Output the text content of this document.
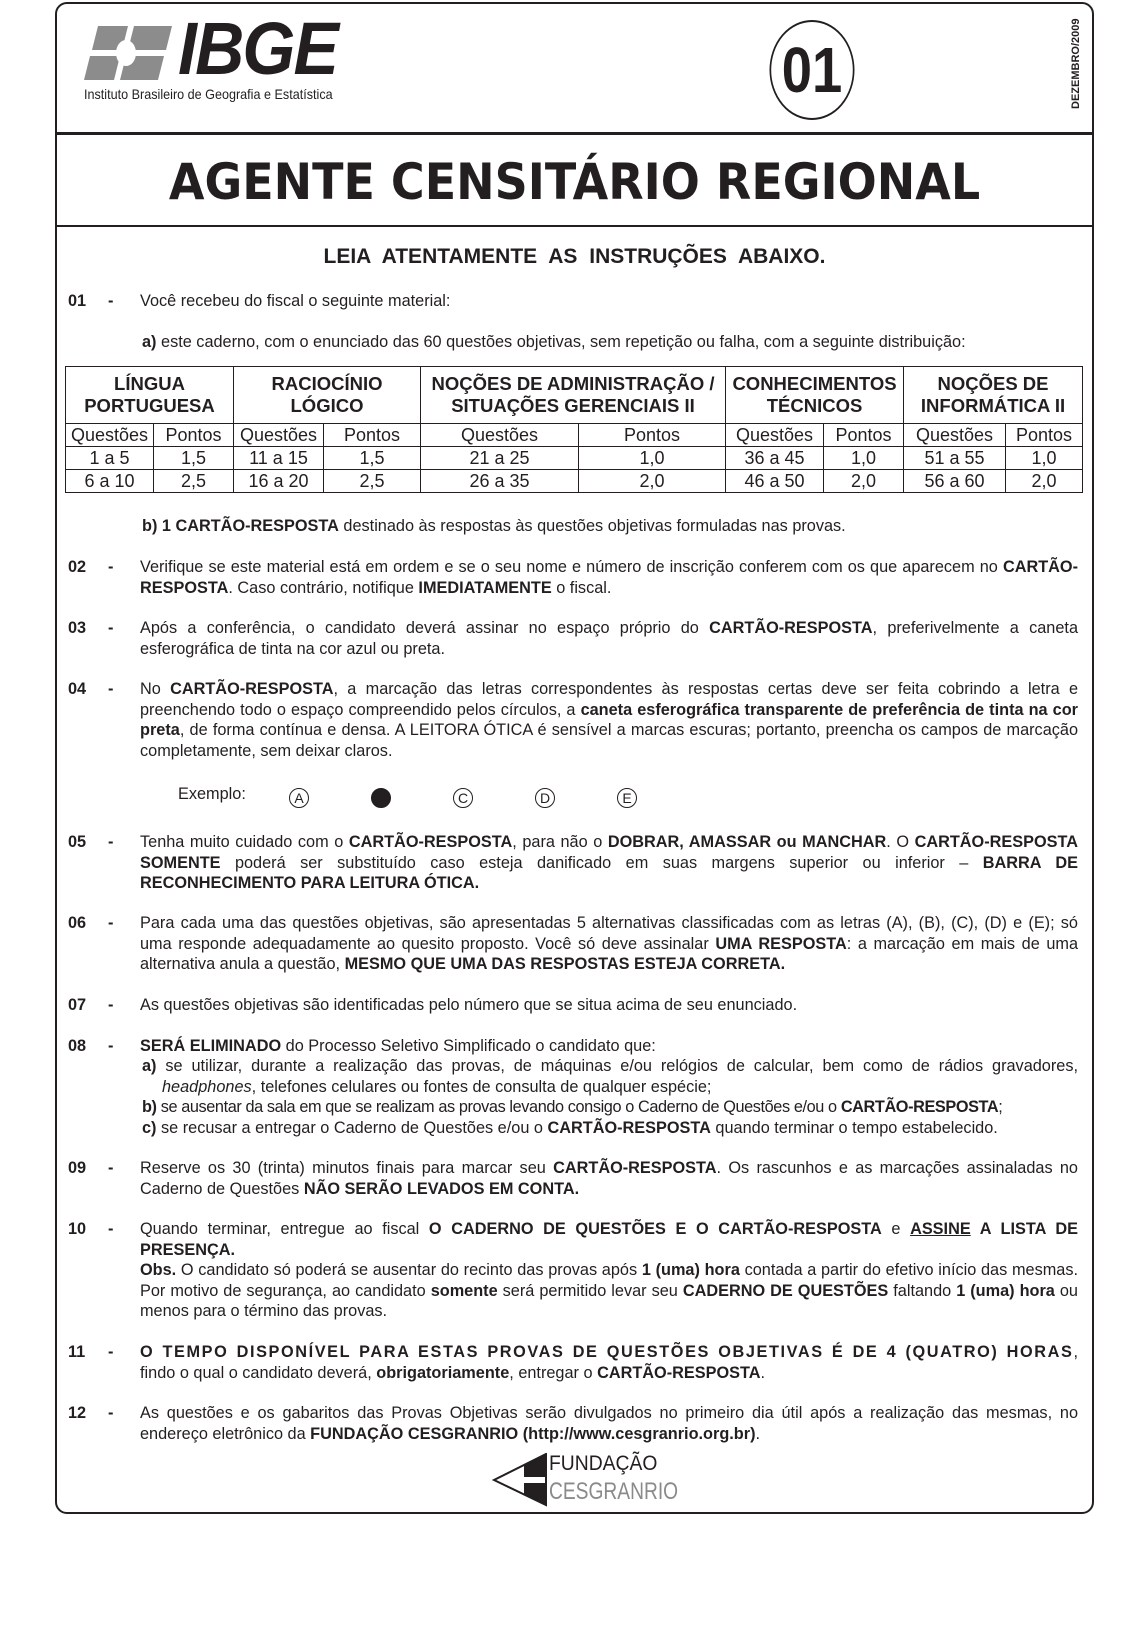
IBGE
Instituto Brasileiro de Geografia e Estatística	01	DEZEMBRO/2009
AGENTE CENSITÁRIO REGIONAL
LEIA ATENTAMENTE AS INSTRUÇÕES ABAIXO.
01 - Você recebeu do fiscal o seguinte material:
a) este caderno, com o enunciado das 60 questões objetivas, sem repetição ou falha, com a seguinte distribuição:
LÍNGUA PORTUGUESA		RACIOCÍNIO LÓGICO		NOÇÕES DE ADMINISTRAÇÃO / SITUAÇÕES GERENCIAIS II		CONHECIMENTOS TÉCNICOS		NOÇÕES DE INFORMÁTICA II	
Questões	Pontos	Questões	Pontos	Questões	Pontos	Questões	Pontos	Questões	Pontos
1 a 5	1,5	11 a 15	1,5	21 a 25	1,0	36 a 45	1,0	51 a 55	1,0
6 a 10	2,5	16 a 20	2,5	26 a 35	2,0	46 a 50	2,0	56 a 60	2,0
b) 1 CARTÃO-RESPOSTA destinado às respostas às questões objetivas formuladas nas provas.
02 - Verifique se este material está em ordem e se o seu nome e número de inscrição conferem com os que aparecem no CARTÃO-RESPOSTA. Caso contrário, notifique IMEDIATAMENTE o fiscal.
03 - Após a conferência, o candidato deverá assinar no espaço próprio do CARTÃO-RESPOSTA, preferivelmente a caneta esferográfica de tinta na cor azul ou preta.
04 - No CARTÃO-RESPOSTA, a marcação das letras correspondentes às respostas certas deve ser feita cobrindo a letra e preenchendo todo o espaço compreendido pelos círculos, a caneta esferográfica transparente de preferência de tinta na cor preta, de forma contínua e densa. A LEITORA ÓTICA é sensível a marcas escuras; portanto, preencha os campos de marcação completamente, sem deixar claros.
05 - Tenha muito cuidado com o CARTÃO-RESPOSTA, para não o DOBRAR, AMASSAR ou MANCHAR. O CARTÃO-RESPOSTA SOMENTE poderá ser substituído caso esteja danificado em suas margens superior ou inferior – BARRA DE RECONHECIMENTO PARA LEITURA ÓTICA.
06 - Para cada uma das questões objetivas, são apresentadas 5 alternativas classificadas com as letras (A), (B), (C), (D) e (E); só uma responde adequadamente ao quesito proposto. Você só deve assinalar UMA RESPOSTA: a marcação em mais de uma alternativa anula a questão, MESMO QUE UMA DAS RESPOSTAS ESTEJA CORRETA.
07 - As questões objetivas são identificadas pelo número que se situa acima de seu enunciado.
08 - SERÁ ELIMINADO do Processo Seletivo Simplificado o candidato que:
09 - Reserve os 30 (trinta) minutos finais para marcar seu CARTÃO-RESPOSTA. Os rascunhos e as marcações assinaladas no Caderno de Questões NÃO SERÃO LEVADOS EM CONTA.
10 - Quando terminar, entregue ao fiscal O CADERNO DE QUESTÕES E O CARTÃO-RESPOSTA e ASSINE A LISTA DE PRESENÇA.
11 - O TEMPO DISPONÍVEL PARA ESTAS PROVAS DE QUESTÕES OBJETIVAS É DE 4 (QUATRO) HORAS, findo o qual o candidato deverá, obrigatoriamente, entregar o CARTÃO-RESPOSTA.
12 - As questões e os gabaritos das Provas Objetivas serão divulgados no primeiro dia útil após a realização das mesmas, no endereço eletrônico da FUNDAÇÃO CESGRANRIO (http://www.cesgranrio.org.br).
a) se utilizar, durante a realização das provas, de máquinas e/ou relógios de calcular, bem como de rádios gravadores, headphones, telefones celulares ou fontes de consulta de qualquer espécie;
b) se ausentar da sala em que se realizam as provas levando consigo o Caderno de Questões e/ou o CARTÃO-RESPOSTA;
c) se recusar a entregar o Caderno de Questões e/ou o CARTÃO-RESPOSTA quando terminar o tempo estabelecido.
Obs. O candidato só poderá se ausentar do recinto das provas após 1 (uma) hora contada a partir do efetivo início das mesmas. Por motivo de segurança, ao candidato somente será permitido levar seu CADERNO DE QUESTÕES faltando 1 (uma) hora ou menos para o término das provas.
Exemplo:	A	C	D	E
FUNDAÇÃO
CESGRANRIO
